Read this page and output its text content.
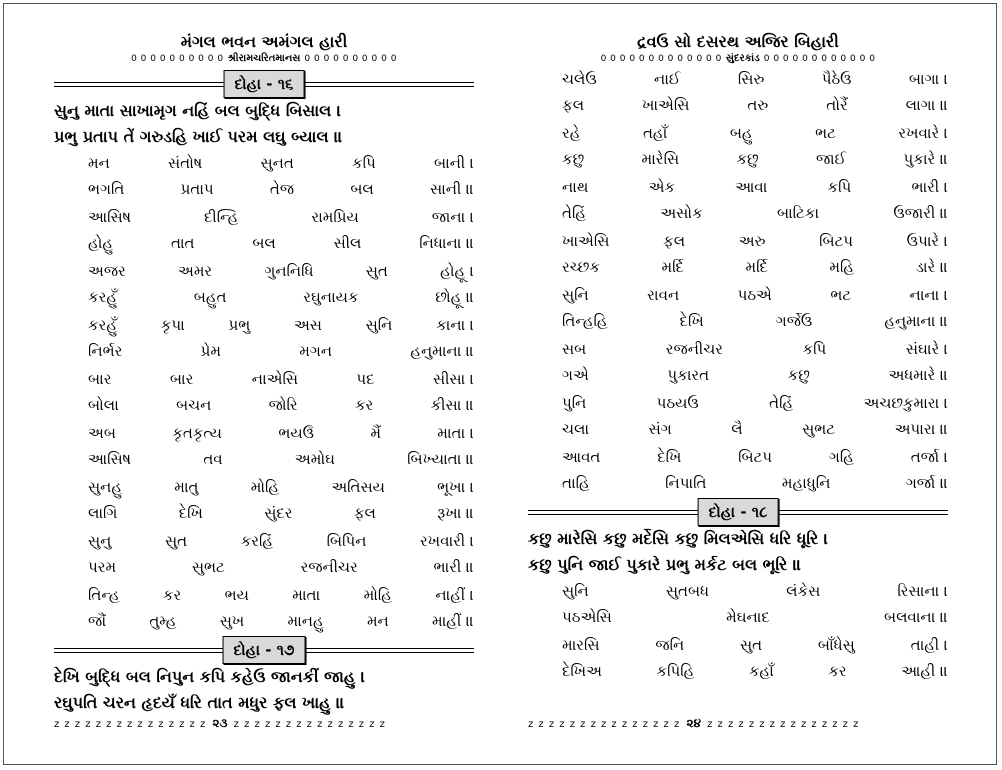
મંગલ ભવન અમંગલ હારી
0 0 0 0 0 0 0 0 0 0 શ્રીરામચરિતમાનસ 0 0 0 0 0 0 0 0 0 0
દોહા - ૧૬
સુનુ માતા સાખામૃગ નહિં બલ બુદ્ધિ બિસાલ ।
પ્રભુ પ્રતાપ તેં ગરુડહિ ખાઈ પરમ લઘુ બ્યાલ ॥
મન	સંતોષ	સુનત	કપિ	બાની ।
ભગતિ	પ્રતાપ	તેજ	બલ	સાની ॥
આસિષ	દીન્હિ	રામપ્રિય	જાના ।
હોહુ	તાત	બલ	સીલ	નિધાના ॥
અજર	અમર	ગુનનિધિ	સુત	હોહૂ ।
કરહુઁ	બહુત	રઘુનાયક	છોહૂ ॥
કરહુઁ	કૃપા	પ્રભુ	અસ	સુનિ	કાના ।
નિર્ભર	પ્રેમ	મગન	હનુમાના ॥
બાર	બાર	નાએસિ	પદ	સીસા ।
બોલા	બચન	જોરિ	કર	કીસા ॥
અબ	કૃતકૃત્ય	ભયઉઁ	મૈં	માતા ।
આસિષ	તવ	અમોઘ	બિખ્યાતા ॥
સુનહુ	માતુ	મોહિ	અતિસય	ભૂખા ।
લાગિ	દેખિ	સુંદર	ફલ	રૂખા ॥
સુનુ	સુત	કરહિં	બિપિન	રખવારી ।
પરમ	સુભટ	રજનીચર	ભારી ॥
તિન્હ	કર	ભય	માતા	મોહિ	નાહીં ।
જૌં	તુમ્હ	સુખ	માનહુ	મન	માહીં ॥
દોહા - ૧૭
દેખિ બુદ્ધિ બલ નિપુન કપિ કહેઉ જાનકીં જાહુ ।
રઘુપતિ ચરન હૃદયઁ ધરિ તાત મધુર ફલ ખાહુ ॥
z z z z z z z z z z z z z z z ૨૩ z z z z z z z z z z z z z z z
દ્રવઉ સો દસરથ અજિર બિહારી
0 0 0 0 0 0 0 0 0 0 0 0 0 સુંદરકાંડ 0 0 0 0 0 0 0 0 0 0 0 0
ચલેઉ	નાઈ	સિરુ	પૈઠેઉ	બાગા ।
ફલ	ખાએસિ	તરુ	તોરૈં	લાગા ॥
રહે	તહાઁ	બહુ	ભટ	રખવારે ।
કછુ	મારેસિ	કછુ	જાઈ	પુકારે ॥
નાથ	એક	આવા	કપિ	ભારી ।
તેહિં	અસોક	બાટિકા	ઉજારી ॥
ખાએસિ	ફલ	અરુ	બિટપ	ઉપારે ।
રચ્છક	મર્દિ	મર્દિ	મહિ	ડારે ॥
સુનિ	રાવન	પઠએ	ભટ	નાના ।
તિન્હહિ	દેખિ	ગર્જેઉ	હનુમાના ॥
સબ	રજનીચર	કપિ	સંઘારે ।
ગએ	પુકારત	કછુ	અધમારે ॥
પુનિ	પઠયઉ	તેહિં	અચછકુમારા ।
ચલા	સંગ	લૈ	સુભટ	અપારા ॥
આવત	દેખિ	બિટપ	ગહિ	તર્જા ।
તાહિ	નિપાતિ	મહાધુનિ	ગર્જા ॥
દોહા - ૧૮
કછુ મારેસિ કછુ મર્દેસિ કછુ મિલએસિ ધરિ ધૂરિ ।
કછુ પુનિ જાઈ પુકારે પ્રભુ મર્કટ બલ ભૂરિ ॥
સુનિ	સુતબધ	લંકેસ	રિસાના ।
પઠએસિ	મેઘનાદ	બલવાના ॥
મારસિ	જનિ	સુત	બાઁધેસુ	તાહી ।
દેખિઅ	કપિહિ	કહાઁ	કર	આહી ॥
z z z z z z z z z z z z z z z ૨૪ z z z z z z z z z z z z z z z
